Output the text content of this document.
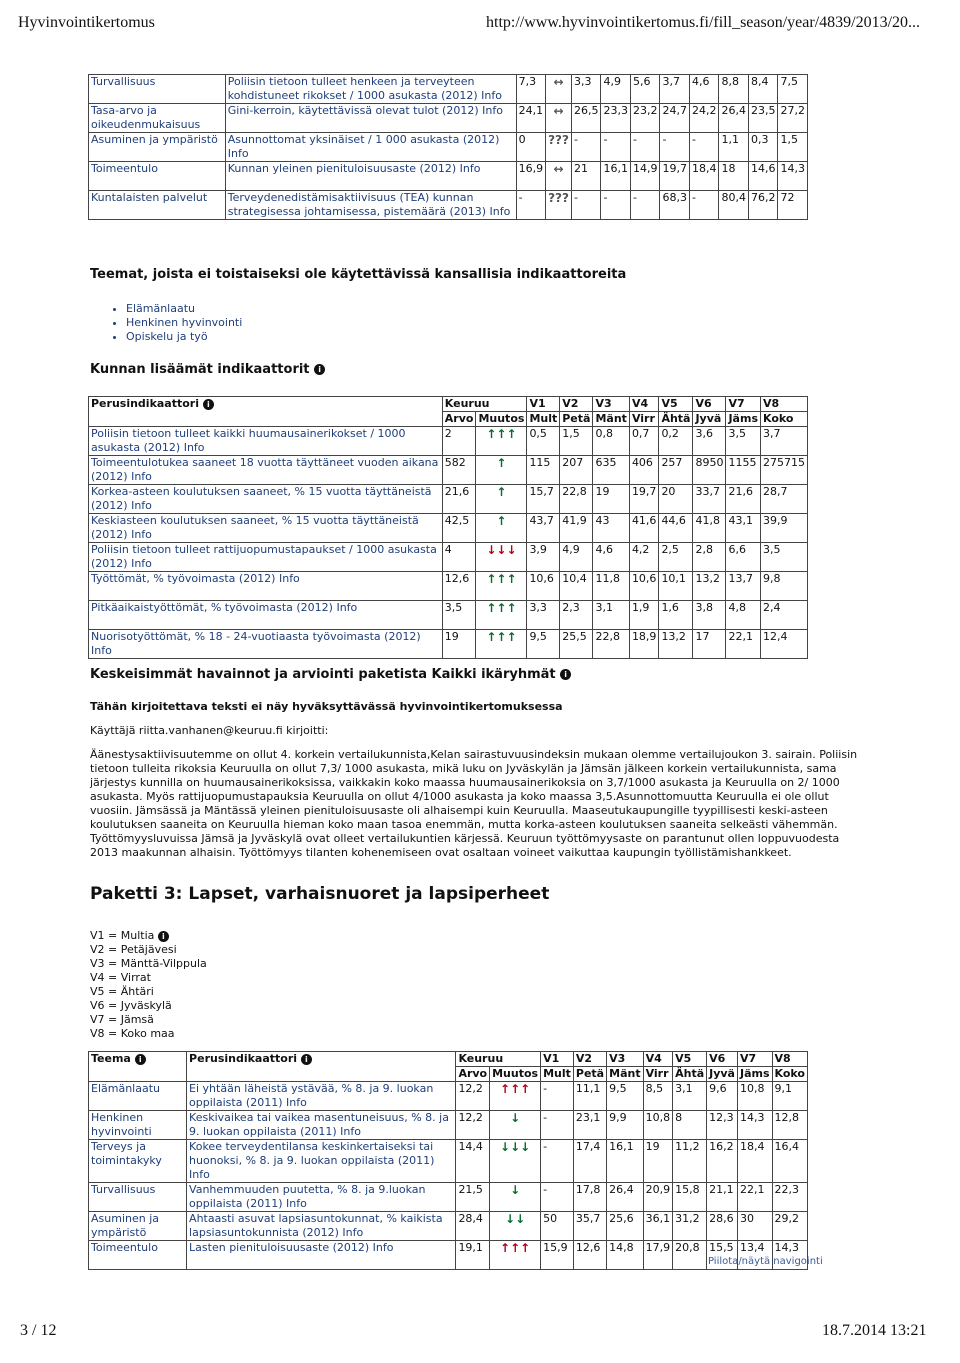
Hyvinvointikertomus	http://www.hyvinvointikertomus.fi/fill_season/year/4839/2013/20...
Turvallisuus	Poliisin tietoon tulleet henkeen ja terveyteen kohdistuneet rikokset / 1000 asukasta (2012) Info	7,3	↔	3,3	4,9	5,6	3,7	4,6	8,8	8,4	7,5
Tasa-arvo ja oikeudenmukaisuus	Gini-kerroin, käytettävissä olevat tulot (2012) Info	24,1	↔	26,5	23,3	23,2	24,7	24,2	26,4	23,5	27,2
Asuminen ja ympäristö	Asunnottomat yksinäiset / 1 000 asukasta (2012) Info	0	???	-	-	-	-	-	1,1	0,3	1,5
Toimeentulo	Kunnan yleinen pienituloisuusaste (2012) Info	16,9	↔	21	16,1	14,9	19,7	18,4	18	14,6	14,3
Kuntalaisten palvelut	Terveydenedistämisaktiivisuus (TEA) kunnan strategisessa johtamisessa, pistemäärä (2013) Info	-	???	-	-	-	68,3	-	80,4	76,2	72
Teemat, joista ei toistaiseksi ole käytettävissä kansallisia indikaattoreita
• Elämänlaatu
• Henkinen hyvinvointi
• Opiskelu ja työ
Kunnan lisäämät indikaattorit i
Perusindikaattori i	Keuruu		V1	V2	V3	V4	V5	V6	V7	V8
	Arvo	Muutos	Mult	Petä	Mänt	Virr	Ähtä	Jyvä	Jäms	Koko
Poliisin tietoon tulleet kaikki huumausainerikokset / 1000 asukasta (2012) Info	2	↑↑↑	0,5	1,5	0,8	0,7	0,2	3,6	3,5	3,7
Toimeentulotukea saaneet 18 vuotta täyttäneet vuoden aikana (2012) Info	582	↑	115	207	635	406	257	8950	1155	275715
Korkea-asteen koulutuksen saaneet, % 15 vuotta täyttäneistä (2012) Info	21,6	↑	15,7	22,8	19	19,7	20	33,7	21,6	28,7
Keskiasteen koulutuksen saaneet, % 15 vuotta täyttäneistä (2012) Info	42,5	↑	43,7	41,9	43	41,6	44,6	41,8	43,1	39,9
Poliisin tietoon tulleet rattijuopumustapaukset / 1000 asukasta (2012) Info	4	↓↓↓	3,9	4,9	4,6	4,2	2,5	2,8	6,6	3,5
Työttömät, % työvoimasta (2012) Info	12,6	↑↑↑	10,6	10,4	11,8	10,6	10,1	13,2	13,7	9,8
Pitkäaikaistyöttömät, % työvoimasta (2012) Info	3,5	↑↑↑	3,3	2,3	3,1	1,9	1,6	3,8	4,8	2,4
Nuorisotyöttömät, % 18 - 24-vuotiaasta työvoimasta (2012) Info	19	↑↑↑	9,5	25,5	22,8	18,9	13,2	17	22,1	12,4
Keskeisimmät havainnot ja arviointi paketista Kaikki ikäryhmät i
Tähän kirjoitettava teksti ei näy hyväksyttävässä hyvinvointikertomuksessa
Käyttäjä riitta.vanhanen@keuruu.fi kirjoitti:
Äänestysaktiivisuutemme on ollut 4. korkein vertailukunnista,Kelan sairastuvuusindeksin mukaan olemme vertailujoukon 3. sairain. Poliisin tietoon tulleita rikoksia Keuruulla on ollut 7,3/ 1000 asukasta, mikä luku on Jyväskylän ja Jämsän jälkeen korkein vertailukunnista, sama järjestys kunnilla on huumausainerikoksissa, vaikkakin koko maassa huumausainerikoksia on 3,7/1000 asukasta ja Keuruulla on 2/ 1000 asukasta. Myös rattijuopumustapauksia Keuruulla on ollut 4/1000 asukasta ja koko maassa 3,5.Asunnottomuutta Keuruulla ei ole ollut vuosiin. Jämsässä ja Mäntässä yleinen pienituloisuusaste oli alhaisempi kuin Keuruulla. Maaseutukaupungille tyypillisesti keski-asteen koulutuksen saaneita on Keuruulla hieman koko maan tasoa enemmän, mutta korka-asteen koulutuksen saaneita selkeästi vähemmän. Työttömyysluvuissa Jämsä ja Jyväskylä ovat olleet vertailukuntien kärjessä. Keuruun työttömyysaste on parantunut ollen loppuvuodesta 2013 maakunnan alhaisin. Työttömyys tilanten kohenemiseen ovat osaltaan voineet vaikuttaa kaupungin työllistämishankkeet.
Paketti 3: Lapset, varhaisnuoret ja lapsiperheet
V1 = Multia i
V2 = Petäjävesi
V3 = Mänttä-Vilppula
V4 = Virrat
V5 = Ähtäri
V6 = Jyväskylä
V7 = Jämsä
V8 = Koko maa
Teema i	Perusindikaattori i	Keuruu		V1	V2	V3	V4	V5	V6	V7	V8
		Arvo	Muutos	Mult	Petä	Mänt	Virr	Ähtä	Jyvä	Jäms	Koko
Elämänlaatu	Ei yhtään läheistä ystävää, % 8. ja 9. luokan oppilaista (2011) Info	12,2	↑↑↑	-	11,1	9,5	8,5	3,1	9,6	10,8	9,1
Henkinen hyvinvointi	Keskivaikea tai vaikea masentuneisuus, % 8. ja 9. luokan oppilaista (2011) Info	12,2	↓	-	23,1	9,9	10,8	8	12,3	14,3	12,8
Terveys ja toimintakyky	Kokee terveydentilansa keskinkertaiseksi tai huonoksi, % 8. ja 9. luokan oppilaista (2011) Info	14,4	↓↓↓	-	17,4	16,1	19	11,2	16,2	18,4	16,4
Turvallisuus	Vanhemmuuden puutetta, % 8. ja 9.luokan oppilaista (2011) Info	21,5	↓	-	17,8	26,4	20,9	15,8	21,1	22,1	22,3
Asuminen ja ympäristö	Ahtaasti asuvat lapsiasuntokunnat, % kaikista lapsiasuntokunnista (2012) Info	28,4	↓↓	50	35,7	25,6	36,1	31,2	28,6	30	29,2
Toimeentulo	Lasten pienituloisuusaste (2012) Info	19,1	↑↑↑	15,9	12,6	14,8	17,9	20,8	15,5	13,4	14,3
Piilota/näytä navigointi
3 / 12	18.7.2014 13:21
